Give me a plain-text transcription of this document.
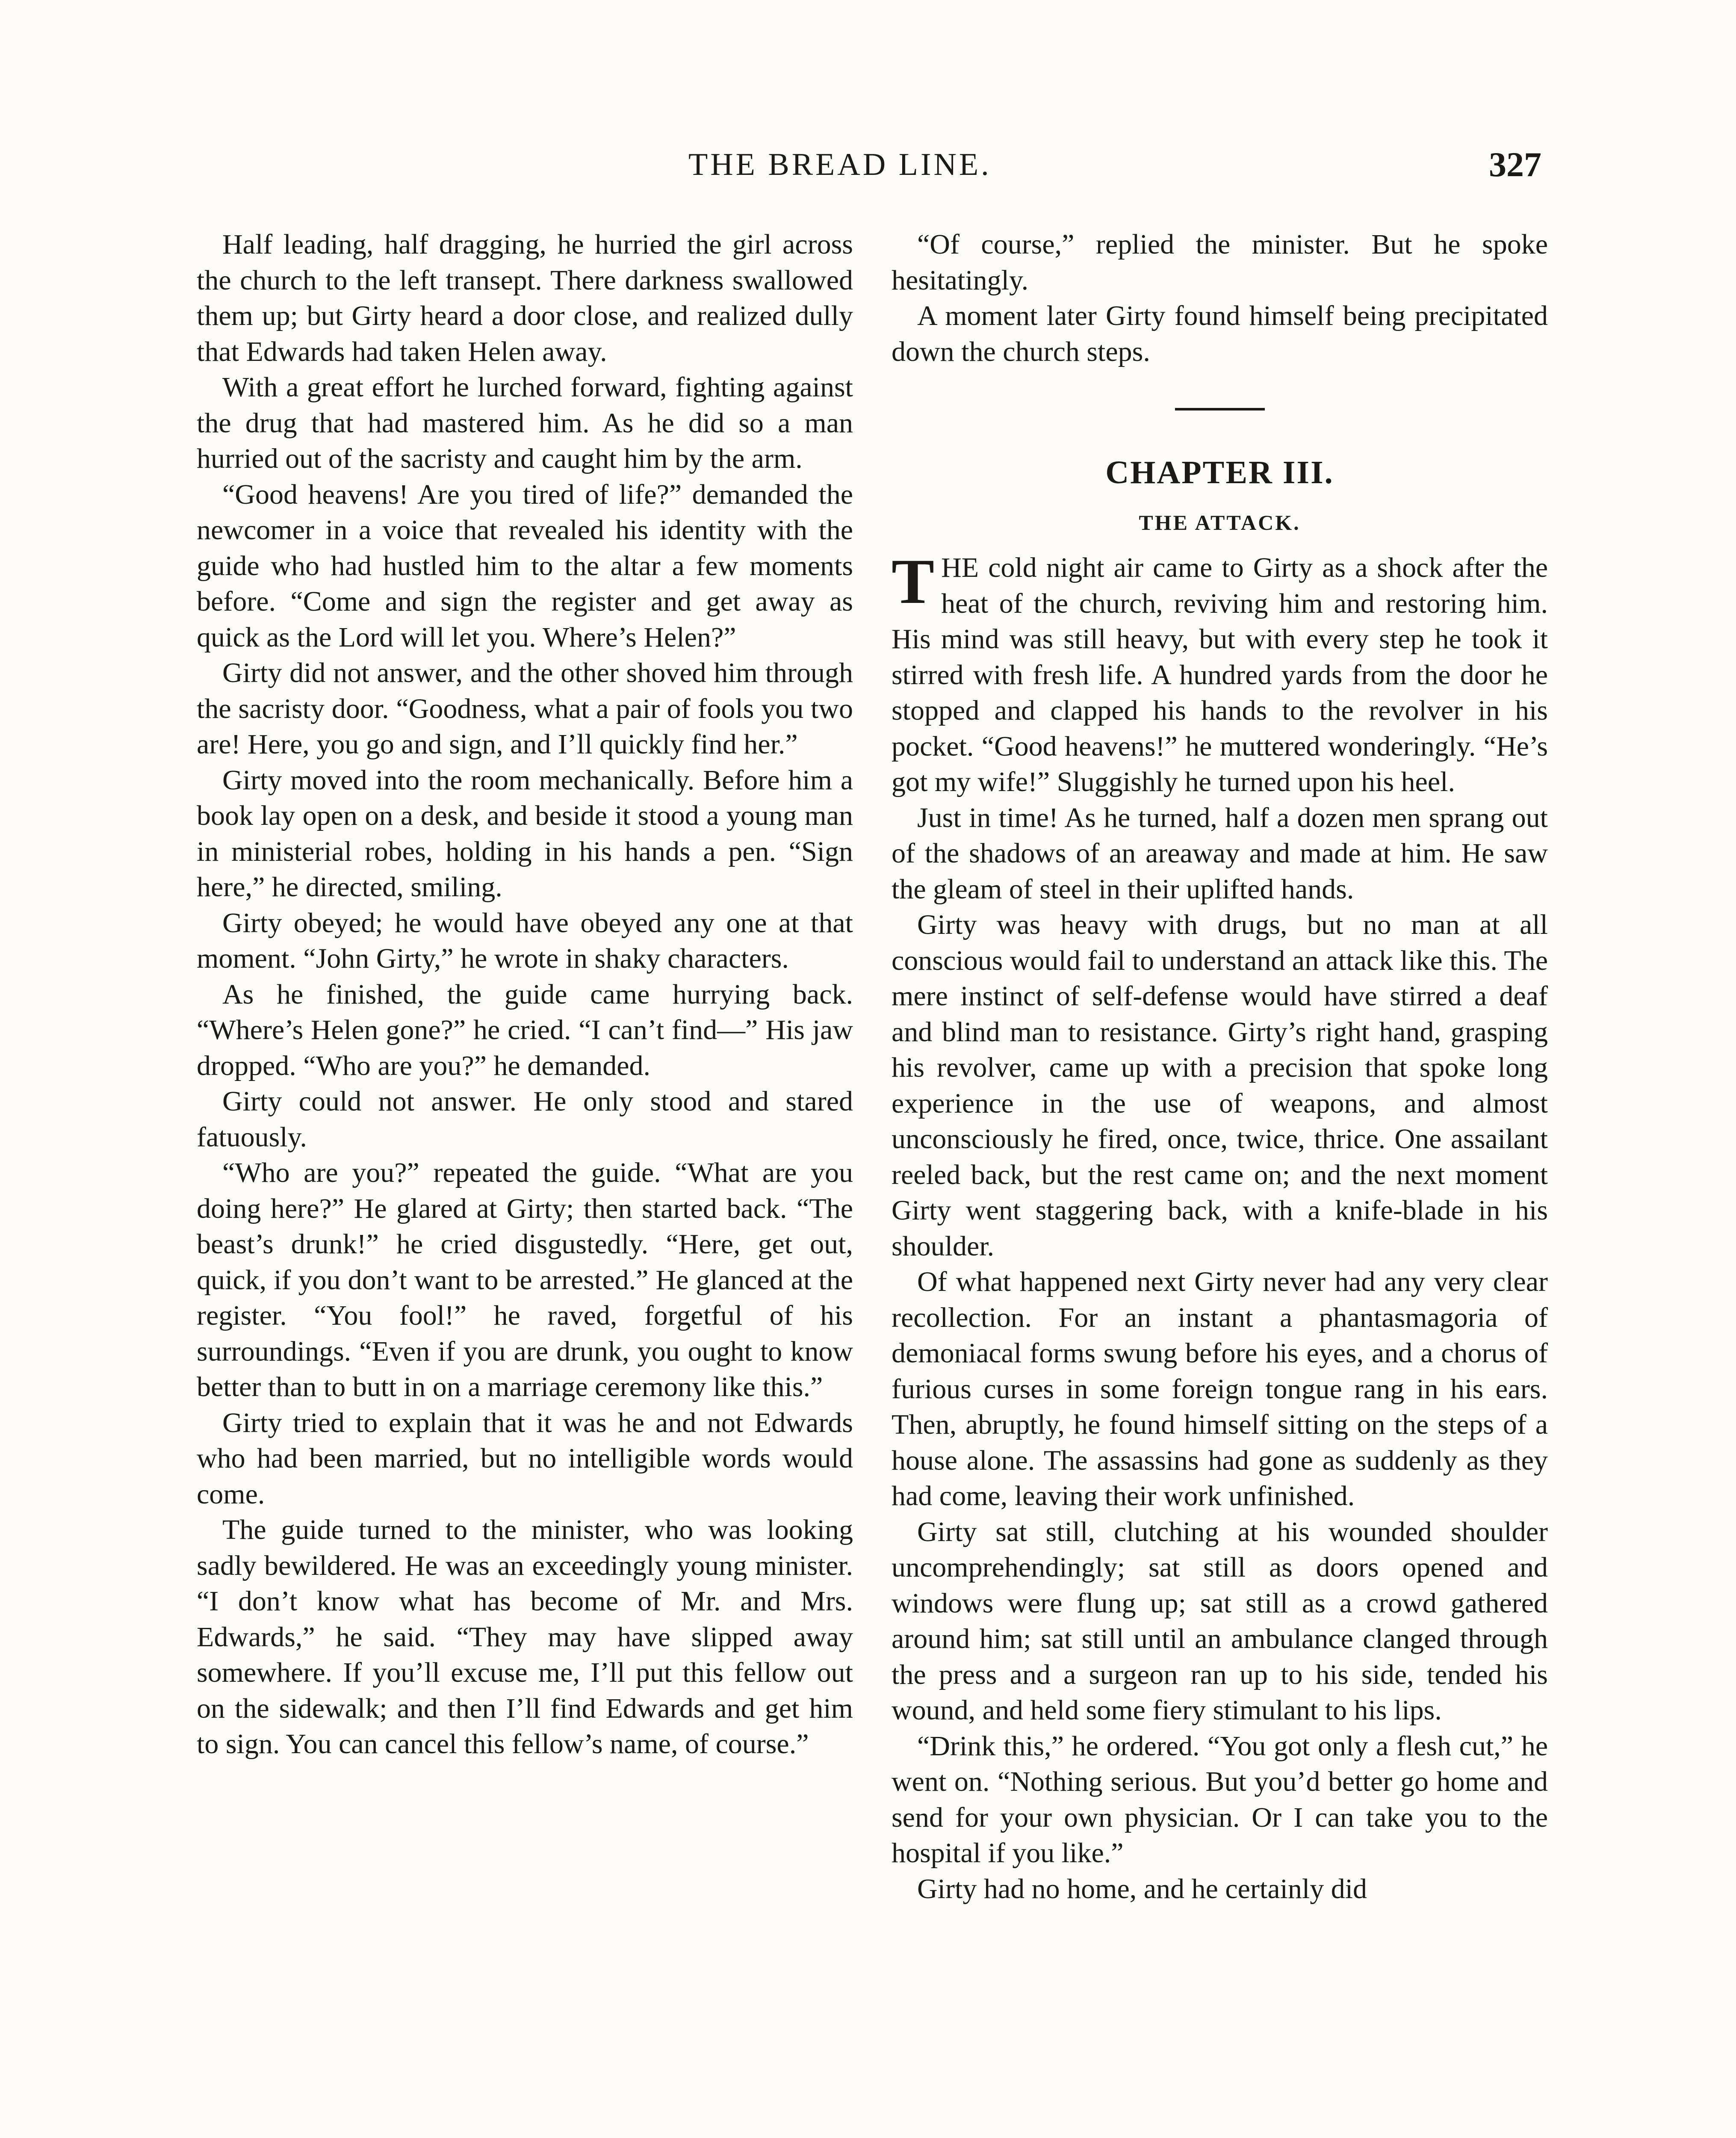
THE BREAD LINE.	327

Half leading, half dragging, he hurried the girl across the church to the left transept. There darkness swallowed them up; but Girty heard a door close, and realized dully that Edwards had taken Helen away.

With a great effort he lurched forward, fighting against the drug that had mastered him. As he did so a man hurried out of the sacristy and caught him by the arm.

“Good heavens! Are you tired of life?” demanded the newcomer in a voice that revealed his identity with the guide who had hustled him to the altar a few moments before. “Come and sign the register and get away as quick as the Lord will let you. Where’s Helen?”

Girty did not answer, and the other shoved him through the sacristy door. “Goodness, what a pair of fools you two are! Here, you go and sign, and I’ll quickly find her.”

Girty moved into the room mechanically. Before him a book lay open on a desk, and beside it stood a young man in ministerial robes, holding in his hands a pen. “Sign here,” he directed, smiling.

Girty obeyed; he would have obeyed any one at that moment. “John Girty,” he wrote in shaky characters.

As he finished, the guide came hurrying back. “Where’s Helen gone?” he cried. “I can’t find—” His jaw dropped. “Who are you?” he demanded.

Girty could not answer. He only stood and stared fatuously.

“Who are you?” repeated the guide. “What are you doing here?” He glared at Girty; then started back. “The beast’s drunk!” he cried disgustedly. “Here, get out, quick, if you don’t want to be arrested.” He glanced at the register. “You fool!” he raved, forgetful of his surroundings. “Even if you are drunk, you ought to know better than to butt in on a marriage ceremony like this.”

Girty tried to explain that it was he and not Edwards who had been married, but no intelligible words would come.

The guide turned to the minister, who was looking sadly bewildered. He was an exceedingly young minister. “I don’t know what has become of Mr. and Mrs. Edwards,” he said. “They may have slipped away somewhere. If you’ll excuse me, I’ll put this fellow out on the sidewalk; and then I’ll find Edwards and get him to sign. You can cancel this fellow’s name, of course.”

“Of course,” replied the minister. But he spoke hesitatingly.

A moment later Girty found himself being precipitated down the church steps.

CHAPTER III.
THE ATTACK.

THE cold night air came to Girty as a shock after the heat of the church, reviving him and restoring him. His mind was still heavy, but with every step he took it stirred with fresh life. A hundred yards from the door he stopped and clapped his hands to the revolver in his pocket. “Good heavens!” he muttered wonderingly. “He’s got my wife!” Sluggishly he turned upon his heel.

Just in time! As he turned, half a dozen men sprang out of the shadows of an areaway and made at him. He saw the gleam of steel in their uplifted hands.

Girty was heavy with drugs, but no man at all conscious would fail to understand an attack like this. The mere instinct of self-defense would have stirred a deaf and blind man to resistance. Girty’s right hand, grasping his revolver, came up with a precision that spoke long experience in the use of weapons, and almost unconsciously he fired, once, twice, thrice. One assailant reeled back, but the rest came on; and the next moment Girty went staggering back, with a knife-blade in his shoulder.

Of what happened next Girty never had any very clear recollection. For an instant a phantasmagoria of demoniacal forms swung before his eyes, and a chorus of furious curses in some foreign tongue rang in his ears. Then, abruptly, he found himself sitting on the steps of a house alone. The assassins had gone as suddenly as they had come, leaving their work unfinished.

Girty sat still, clutching at his wounded shoulder uncomprehendingly; sat still as doors opened and windows were flung up; sat still as a crowd gathered around him; sat still until an ambulance clanged through the press and a surgeon ran up to his side, tended his wound, and held some fiery stimulant to his lips.

“Drink this,” he ordered. “You got only a flesh cut,” he went on. “Nothing serious. But you’d better go home and send for your own physician. Or I can take you to the hospital if you like.”

Girty had no home, and he certainly did
